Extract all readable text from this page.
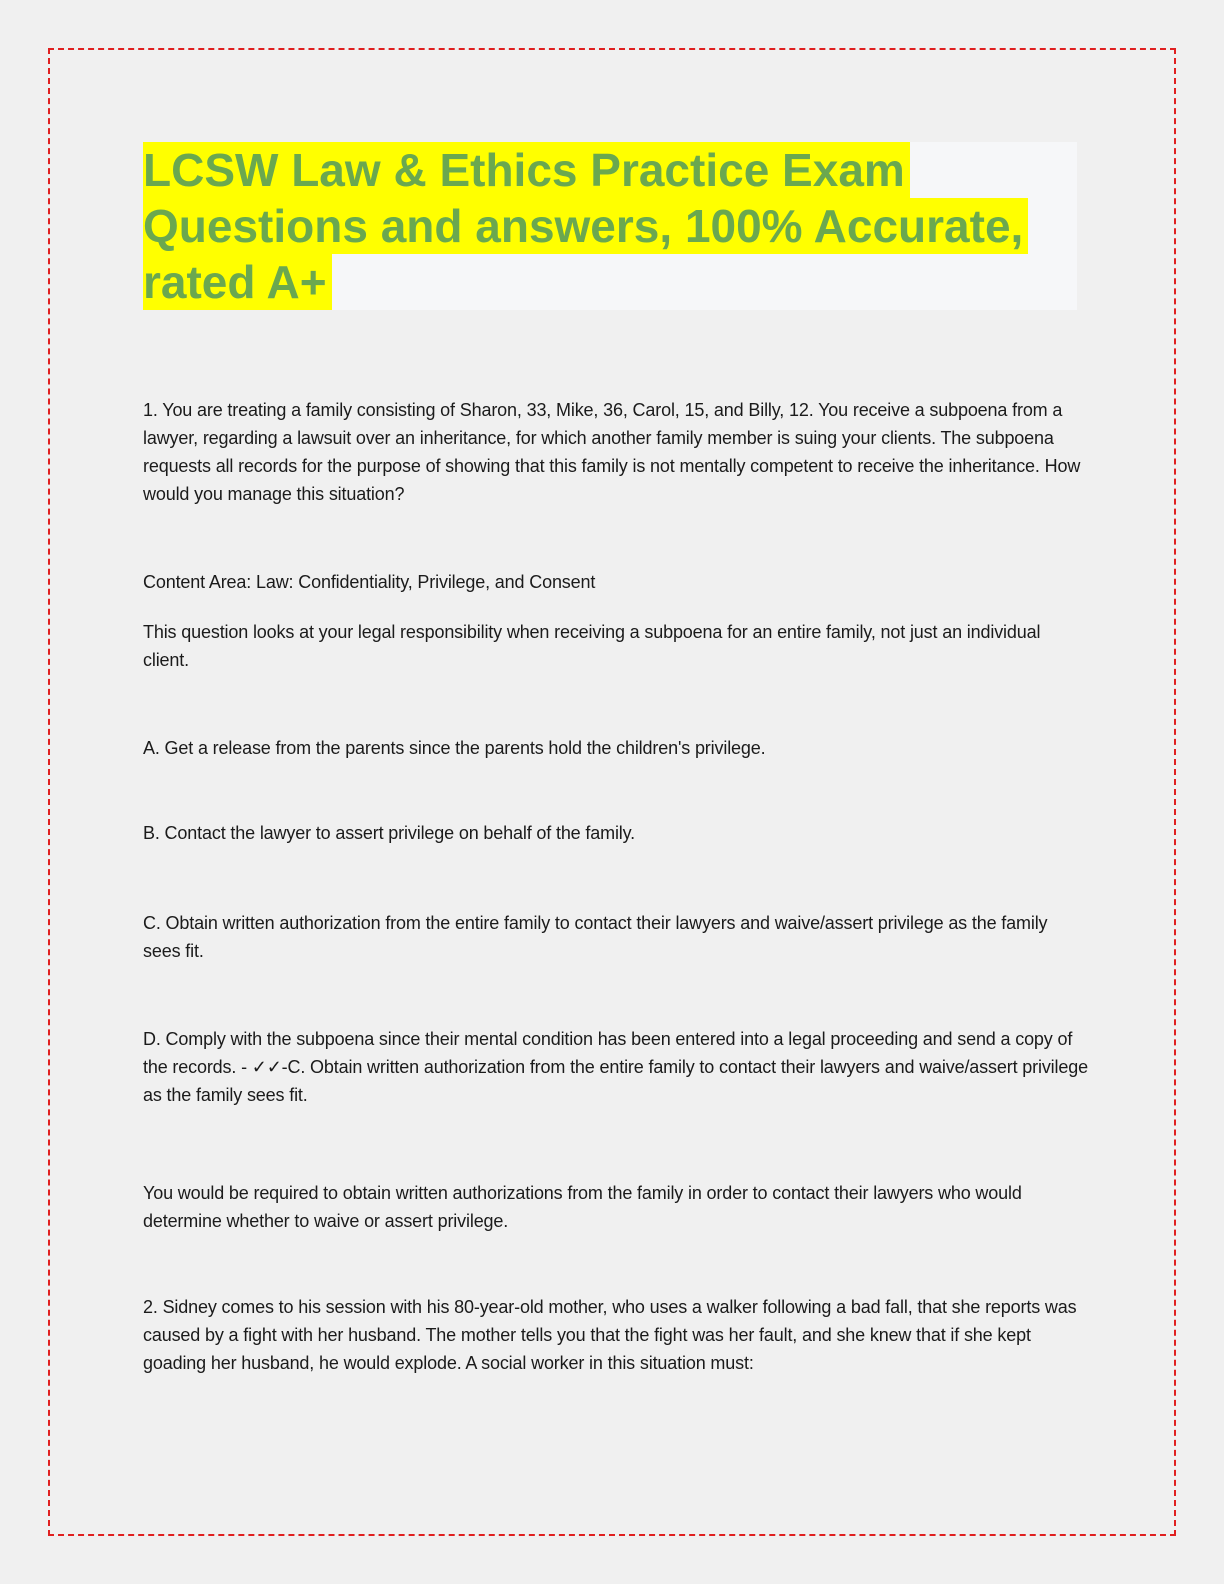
LCSW Law & Ethics Practice Exam
Questions and answers, 100% Accurate,
rated A+

1. You are treating a family consisting of Sharon, 33, Mike, 36, Carol, 15, and Billy, 12. You receive a subpoena from a lawyer, regarding a lawsuit over an inheritance, for which another family member is suing your clients. The subpoena requests all records for the purpose of showing that this family is not mentally competent to receive the inheritance. How would you manage this situation?

Content Area: Law: Confidentiality, Privilege, and Consent

This question looks at your legal responsibility when receiving a subpoena for an entire family, not just an individual client.

A. Get a release from the parents since the parents hold the children's privilege.

B. Contact the lawyer to assert privilege on behalf of the family.

C. Obtain written authorization from the entire family to contact their lawyers and waive/assert privilege as the family sees fit.

D. Comply with the subpoena since their mental condition has been entered into a legal proceeding and send a copy of the records. - ✓✓-C. Obtain written authorization from the entire family to contact their lawyers and waive/assert privilege as the family sees fit.

You would be required to obtain written authorizations from the family in order to contact their lawyers who would determine whether to waive or assert privilege.

2. Sidney comes to his session with his 80-year-old mother, who uses a walker following a bad fall, that she reports was caused by a fight with her husband. The mother tells you that the fight was her fault, and she knew that if she kept goading her husband, he would explode. A social worker in this situation must:
